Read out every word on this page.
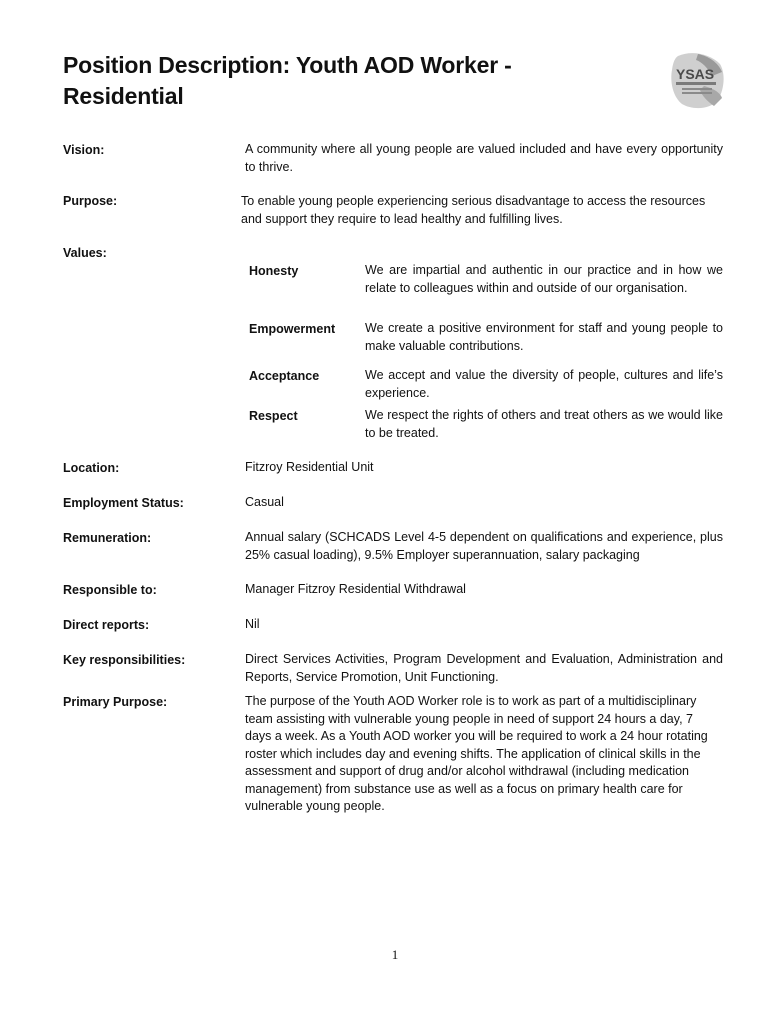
Position Description: Youth AOD Worker - Residential
YSAS
Vision:	A community where all young people are valued included and have every opportunity to thrive.
Purpose:	To enable young people experiencing serious disadvantage to access the resources and support they require to lead healthy and fulfilling lives.
Values:
Honesty	We are impartial and authentic in our practice and in how we relate to colleagues within and outside of our organisation.
Empowerment We create a positive environment for staff and young people to make valuable contributions.
Acceptance	We accept and value the diversity of people, cultures and life’s experience.
Respect	We respect the rights of others and treat others as we would like to be treated.
Location:	Fitzroy Residential Unit
Employment Status:	Casual
Remuneration:	Annual salary (SCHCADS Level 4-5 dependent on qualifications and experience, plus 25% casual loading), 9.5% Employer superannuation, salary packaging
Responsible to:	Manager Fitzroy Residential Withdrawal
Direct reports:	Nil
Key responsibilities:	Direct Services Activities, Program Development and Evaluation, Administration and Reports, Service Promotion, Unit Functioning.
Primary Purpose:	The purpose of the Youth AOD Worker role is to work as part of a multidisciplinary team assisting with vulnerable young people in need of support 24 hours a day, 7 days a week. As a Youth AOD worker you will be required to work a 24 hour rotating roster which includes day and evening shifts. The application of clinical skills in the assessment and support of drug and/or alcohol withdrawal (including medication management) from substance use as well as a focus on primary health care for vulnerable young people.
1
